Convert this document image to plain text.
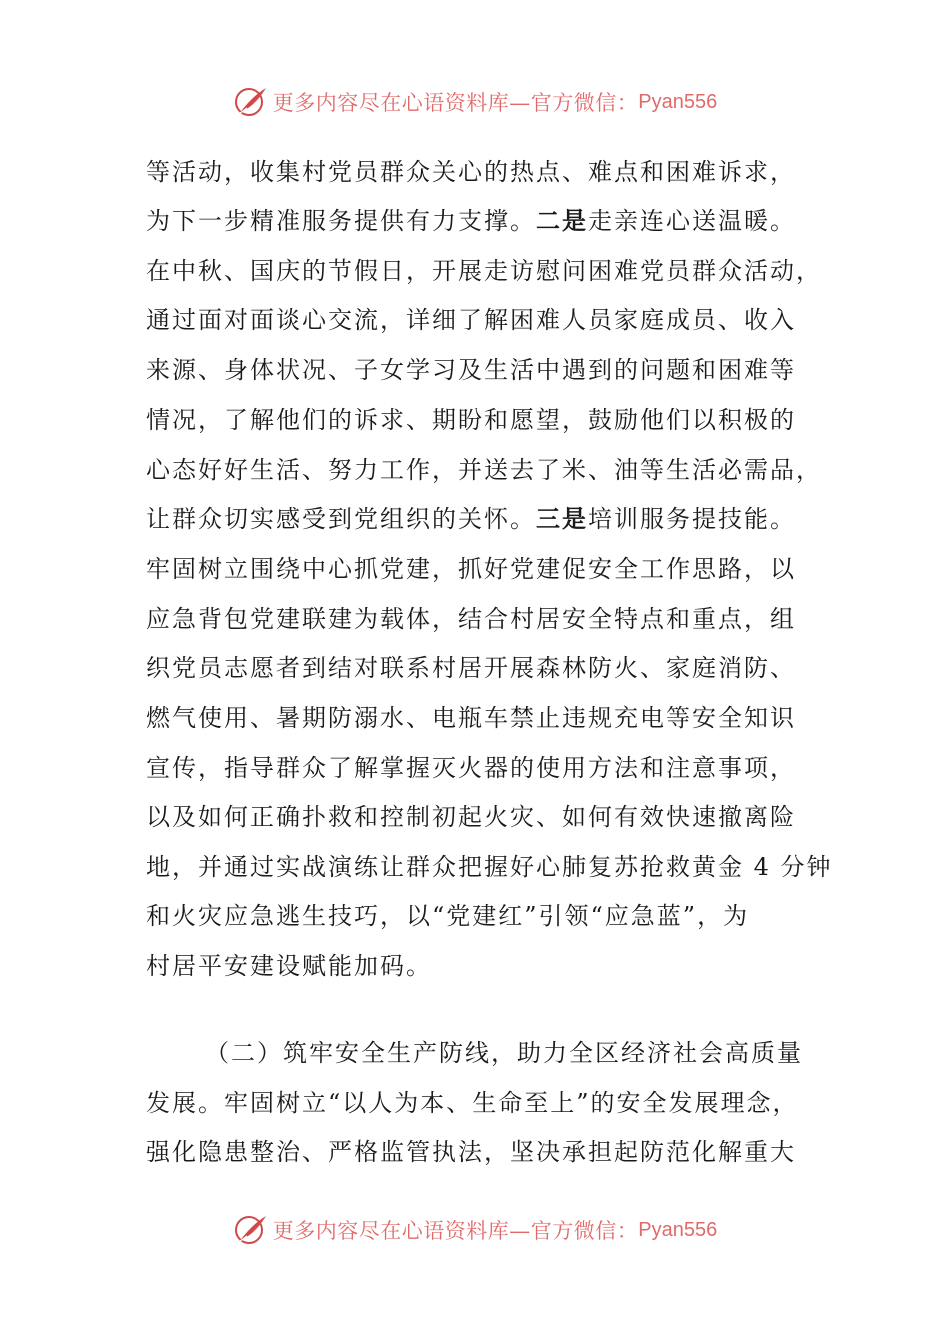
更多内容尽在心语资料库—官方微信： Pyan556
等活动，收集村党员群众关心的热点、难点和困难诉求，
为下一步精准服务提供有力支撑。二是走亲连心送温暖。
在中秋、国庆的节假日，开展走访慰问困难党员群众活动，
通过面对面谈心交流，详细了解困难人员家庭成员、收入
来源、身体状况、子女学习及生活中遇到的问题和困难等
情况，了解他们的诉求、期盼和愿望，鼓励他们以积极的
心态好好生活、努力工作，并送去了米、油等生活必需品，
让群众切实感受到党组织的关怀。三是培训服务提技能。
牢固树立围绕中心抓党建，抓好党建促安全工作思路，以
应急背包党建联建为载体，结合村居安全特点和重点，组
织党员志愿者到结对联系村居开展森林防火、家庭消防、
燃气使用、暑期防溺水、电瓶车禁止违规充电等安全知识
宣传，指导群众了解掌握灭火器的使用方法和注意事项，
以及如何正确扑救和控制初起火灾、如何有效快速撤离险
地，并通过实战演练让群众把握好心肺复苏抢救黄金 4 分钟
和火灾应急逃生技巧，以“党建红”引领“应急蓝”，为
村居平安建设赋能加码。
（二）筑牢安全生产防线，助力全区经济社会高质量
发展。牢固树立“以人为本、生命至上”的安全发展理念，
强化隐患整治、严格监管执法，坚决承担起防范化解重大
更多内容尽在心语资料库—官方微信： Pyan556
